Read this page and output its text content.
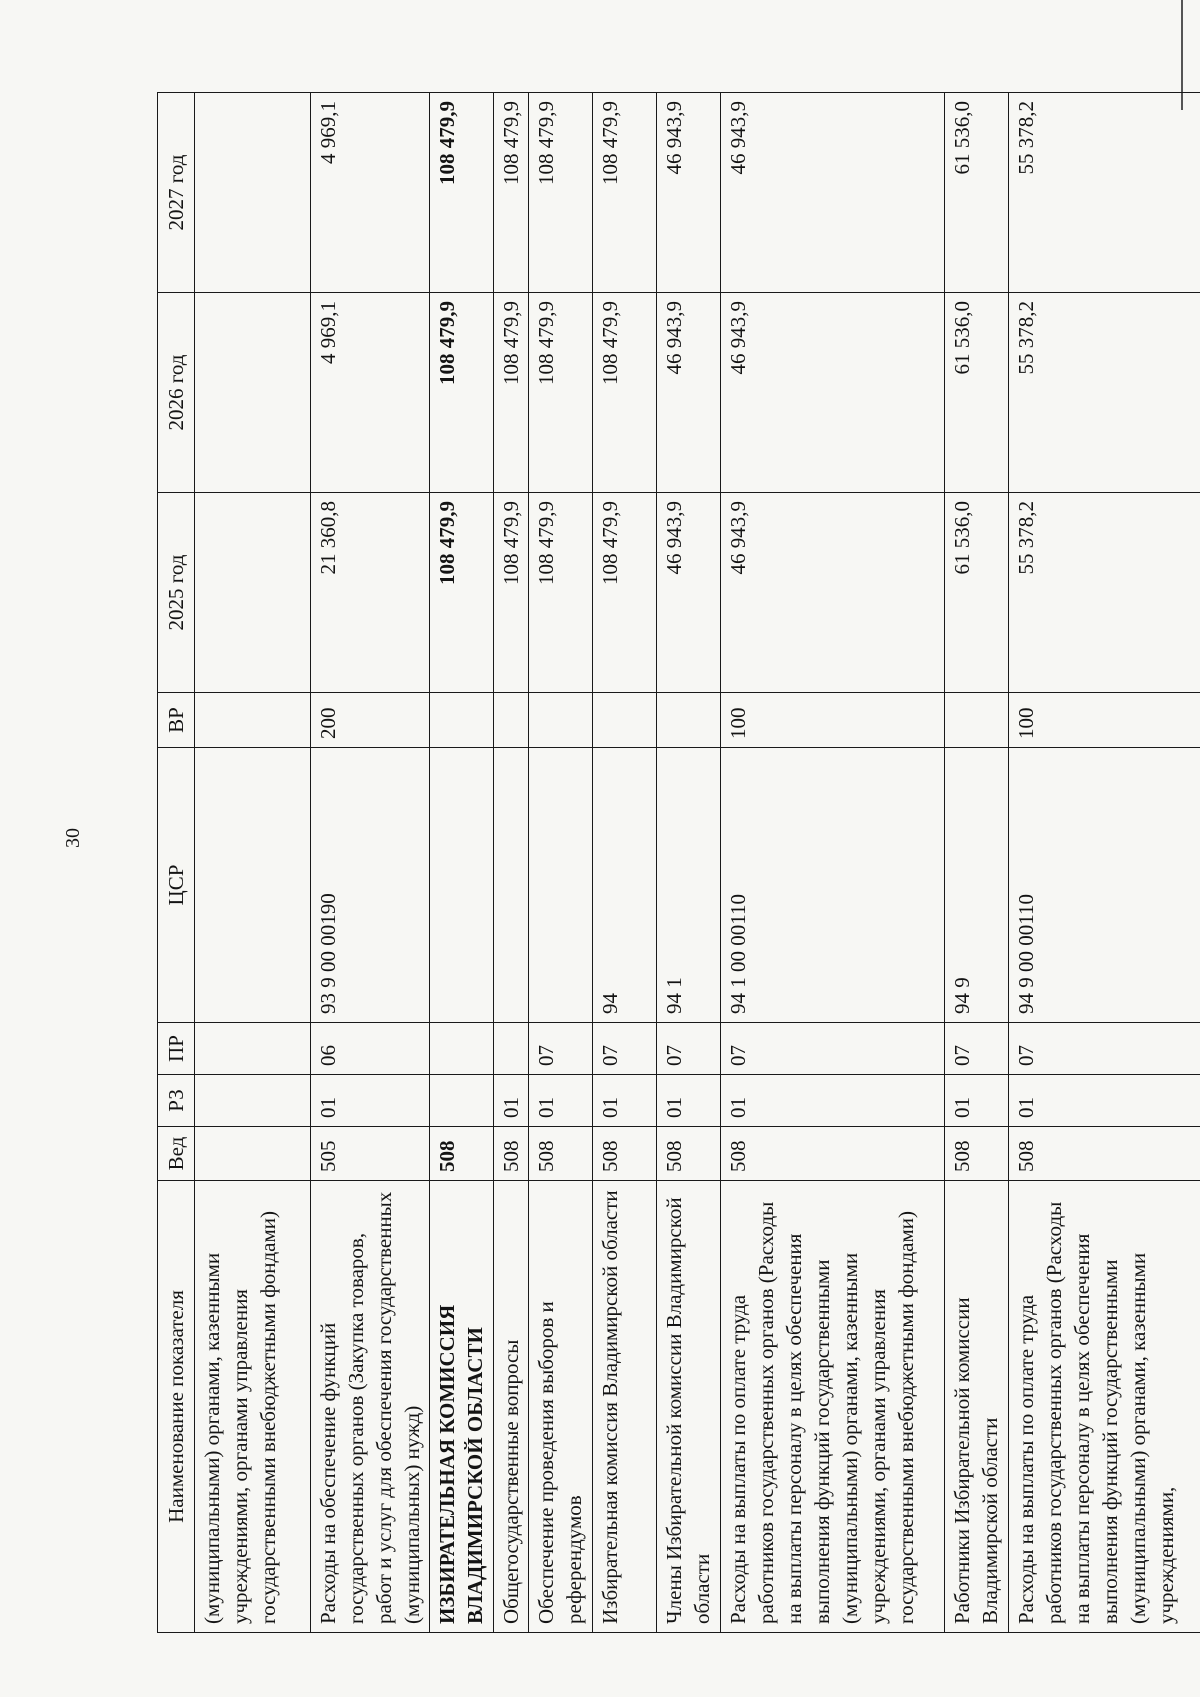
30
Наименование показателя	Вед	РЗ	ПР	ЦСР	ВР	2025 год	2026 год	2027 год
(муниципальными) органами, казенными учреждениями, органами управления государственными внебюджетными фондами)								
Расходы на обеспечение функций государственных органов (Закупка товаров, работ и услуг для обеспечения государственных (муниципальных) нужд)	505	01	06	93 9 00 00190	200	21 360,8	4 969,1	4 969,1
ИЗБИРАТЕЛЬНАЯ КОМИССИЯ ВЛАДИМИРСКОЙ ОБЛАСТИ	508					108 479,9	108 479,9	108 479,9
Общегосударственные вопросы	508	01				108 479,9	108 479,9	108 479,9
Обеспечение проведения выборов и референдумов	508	01	07			108 479,9	108 479,9	108 479,9
Избирательная комиссия Владимирской области	508	01	07	94		108 479,9	108 479,9	108 479,9
Члены Избирательной комиссии Владимирской области	508	01	07	94 1		46 943,9	46 943,9	46 943,9
Расходы на выплаты по оплате труда работников государственных органов (Расходы на выплаты персоналу в целях обеспечения выполнения функций государственными (муниципальными) органами, казенными учреждениями, органами управления государственными внебюджетными фондами)	508	01	07	94 1 00 00110	100	46 943,9	46 943,9	46 943,9
Работники Избирательной комиссии Владимирской области	508	01	07	94 9		61 536,0	61 536,0	61 536,0
Расходы на выплаты по оплате труда работников государственных органов (Расходы на выплаты персоналу в целях обеспечения выполнения функций государственными (муниципальными) органами, казенными учреждениями,	508	01	07	94 9 00 00110	100	55 378,2	55 378,2	55 378,2
